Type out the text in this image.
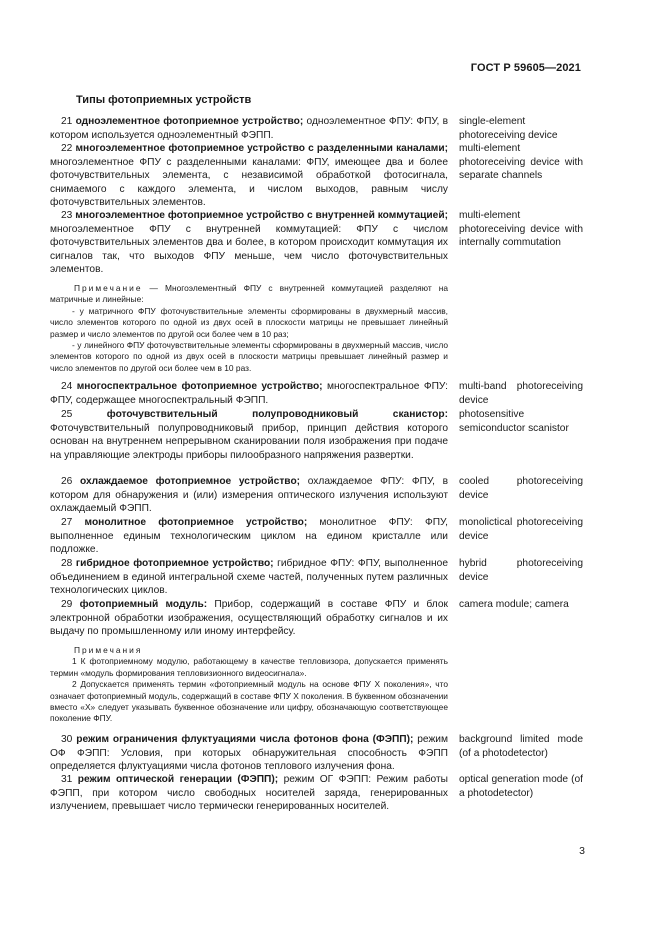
ГОСТ Р 59605—2021
Типы фотоприемных устройств
21 одноэлементное фотоприемное устройство; одноэлементное ФПУ: ФПУ, в котором используется одноэлементный ФЭПП.
single-element photoreceiving device
22 многоэлементное фотоприемное устройство с разделенными каналами; многоэлементное ФПУ с разделенными каналами: ФПУ, имеющее два и более фоточувствительных элемента, с независимой обработкой фотосигнала, снимаемого с каждого элемента, и числом выходов, равным числу фоточувствительных элементов.
multi-element photoreceiving device with separate channels
23 многоэлементное фотоприемное устройство с внутренней коммутацией; многоэлементное ФПУ с внутренней коммутацией: ФПУ с числом фоточувствительных элементов два и более, в котором происходит коммутация их сигналов так, что выходов ФПУ меньше, чем число фоточувствительных элементов.
multi-element photoreceiving device with internally commutation
Примечание — Многоэлементный ФПУ с внутренней коммутацией разделяют на матричные и линейные:
- у матричного ФПУ фоточувствительные элементы сформированы в двухмерный массив, число элементов которого по одной из двух осей в плоскости матрицы не превышает линейный размер и число элементов по другой оси более чем в 10 раз;
- у линейного ФПУ фоточувствительные элементы сформированы в двухмерный массив, число элементов которого по одной из двух осей в плоскости матрицы превышает линейный размер и число элементов по другой оси более чем в 10 раз.
24 многоспектральное фотоприемное устройство; многоспектральное ФПУ: ФПУ, содержащее многоспектральный ФЭПП.
multi-band photoreceiving device
25	фоточувствительный полупроводниковый сканистор: Фоточувствительный полупроводниковый прибор, принцип действия которого основан на внутреннем непрерывном сканировании поля изображения при подаче на управляющие электроды приборы пилообразного напряжения развертки.
photosensitive semiconductor scanistor
26 охлаждаемое фотоприемное устройство; охлаждаемое ФПУ: ФПУ, в котором для обнаружения и (или) измерения оптического излучения используют охлаждаемый ФЭПП.
cooled photoreceiving device
27 монолитное фотоприемное устройство; монолитное ФПУ: ФПУ, выполненное единым технологическим циклом на едином кристалле или подложке.
monolictical photoreceiving device
28 гибридное фотоприемное устройство; гибридное ФПУ: ФПУ, выполненное объединением в единой интегральной схеме частей, полученных путем различных технологических циклов.
hybrid photoreceiving device
29 фотоприемный модуль: Прибор, содержащий в составе ФПУ и блок электронной обработки изображения, осуществляющий обработку сигналов и их выдачу по промышленному или иному интерфейсу.
camera module; camera
Примечания
1 К фотоприемному модулю, работающему в качестве тепловизора, допускается применять термин «модуль формирования тепловизионного видеосигнала».
2 Допускается применять термин «фотоприемный модуль на основе ФПУ X поколения», что означает фотоприемный модуль, содержащий в составе ФПУ X поколения. В буквенном обозначении вместо «X» следует указывать буквенное обозначение или цифру, обозначающую соответствующее поколение ФПУ.
30 режим ограничения флуктуациями числа фотонов фона (ФЭПП); режим ОФ ФЭПП: Условия, при которых обнаружительная способность ФЭПП определяется флуктуациями числа фотонов теплового излучения фона.
background limited mode (of a photodetector)
31 режим оптической генерации (ФЭПП); режим ОГ ФЭПП: Режим работы ФЭПП, при котором число свободных носителей заряда, генерированных излучением, превышает число термически генерированных носителей.
optical generation mode (of a photodetector)
3
